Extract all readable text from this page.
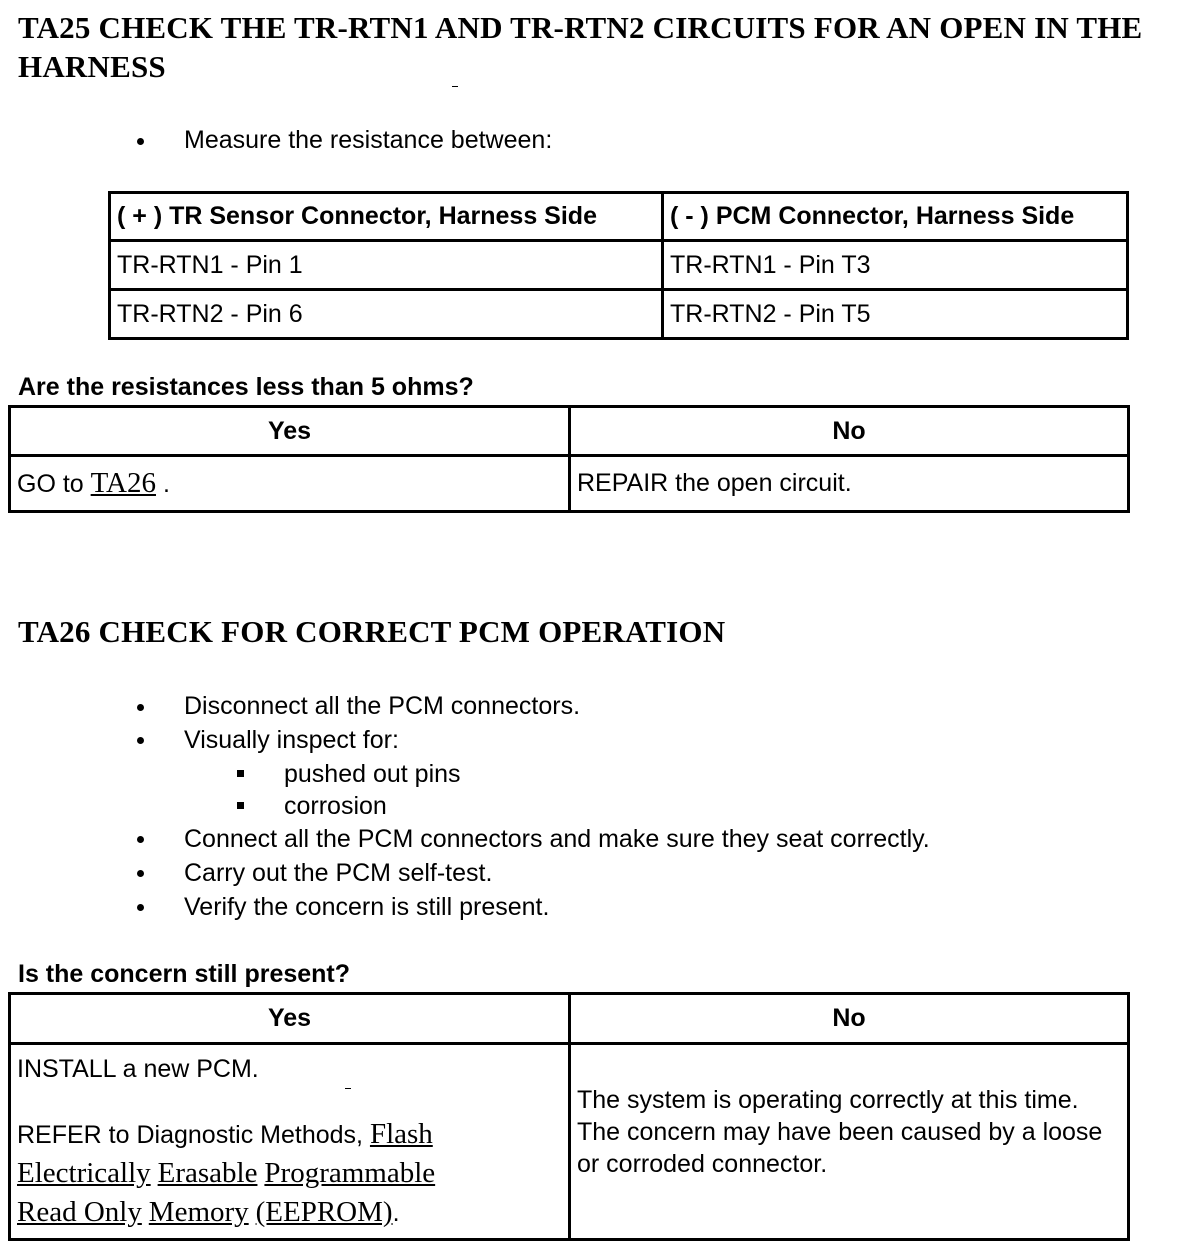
TA25 CHECK THE TR-RTN1 AND TR-RTN2 CIRCUITS FOR AN OPEN IN THE HARNESS
Measure the resistance between:
( + ) TR Sensor Connector, Harness Side	( - ) PCM Connector, Harness Side
TR-RTN1 - Pin 1	TR-RTN1 - Pin T3
TR-RTN2 - Pin 6	TR-RTN2 - Pin T5

Are the resistances less than 5 ohms?

Yes	No
GO to TA26 .	REPAIR the open circuit.
TA26 CHECK FOR CORRECT PCM OPERATION
Disconnect all the PCM connectors.
Visually inspect for:
pushed out pins
corrosion
Connect all the PCM connectors and make sure they seat correctly.
Carry out the PCM self-test.
Verify the concern is still present.

Is the concern still present?

Yes	No

INSTALL a new PCM.
REFER to Diagnostic Methods, Flash
Electrically Erasable Programmable
Read Only Memory (EEPROM).	The system is operating correctly at this time. The concern may have been caused by a loose or corroded connector.
